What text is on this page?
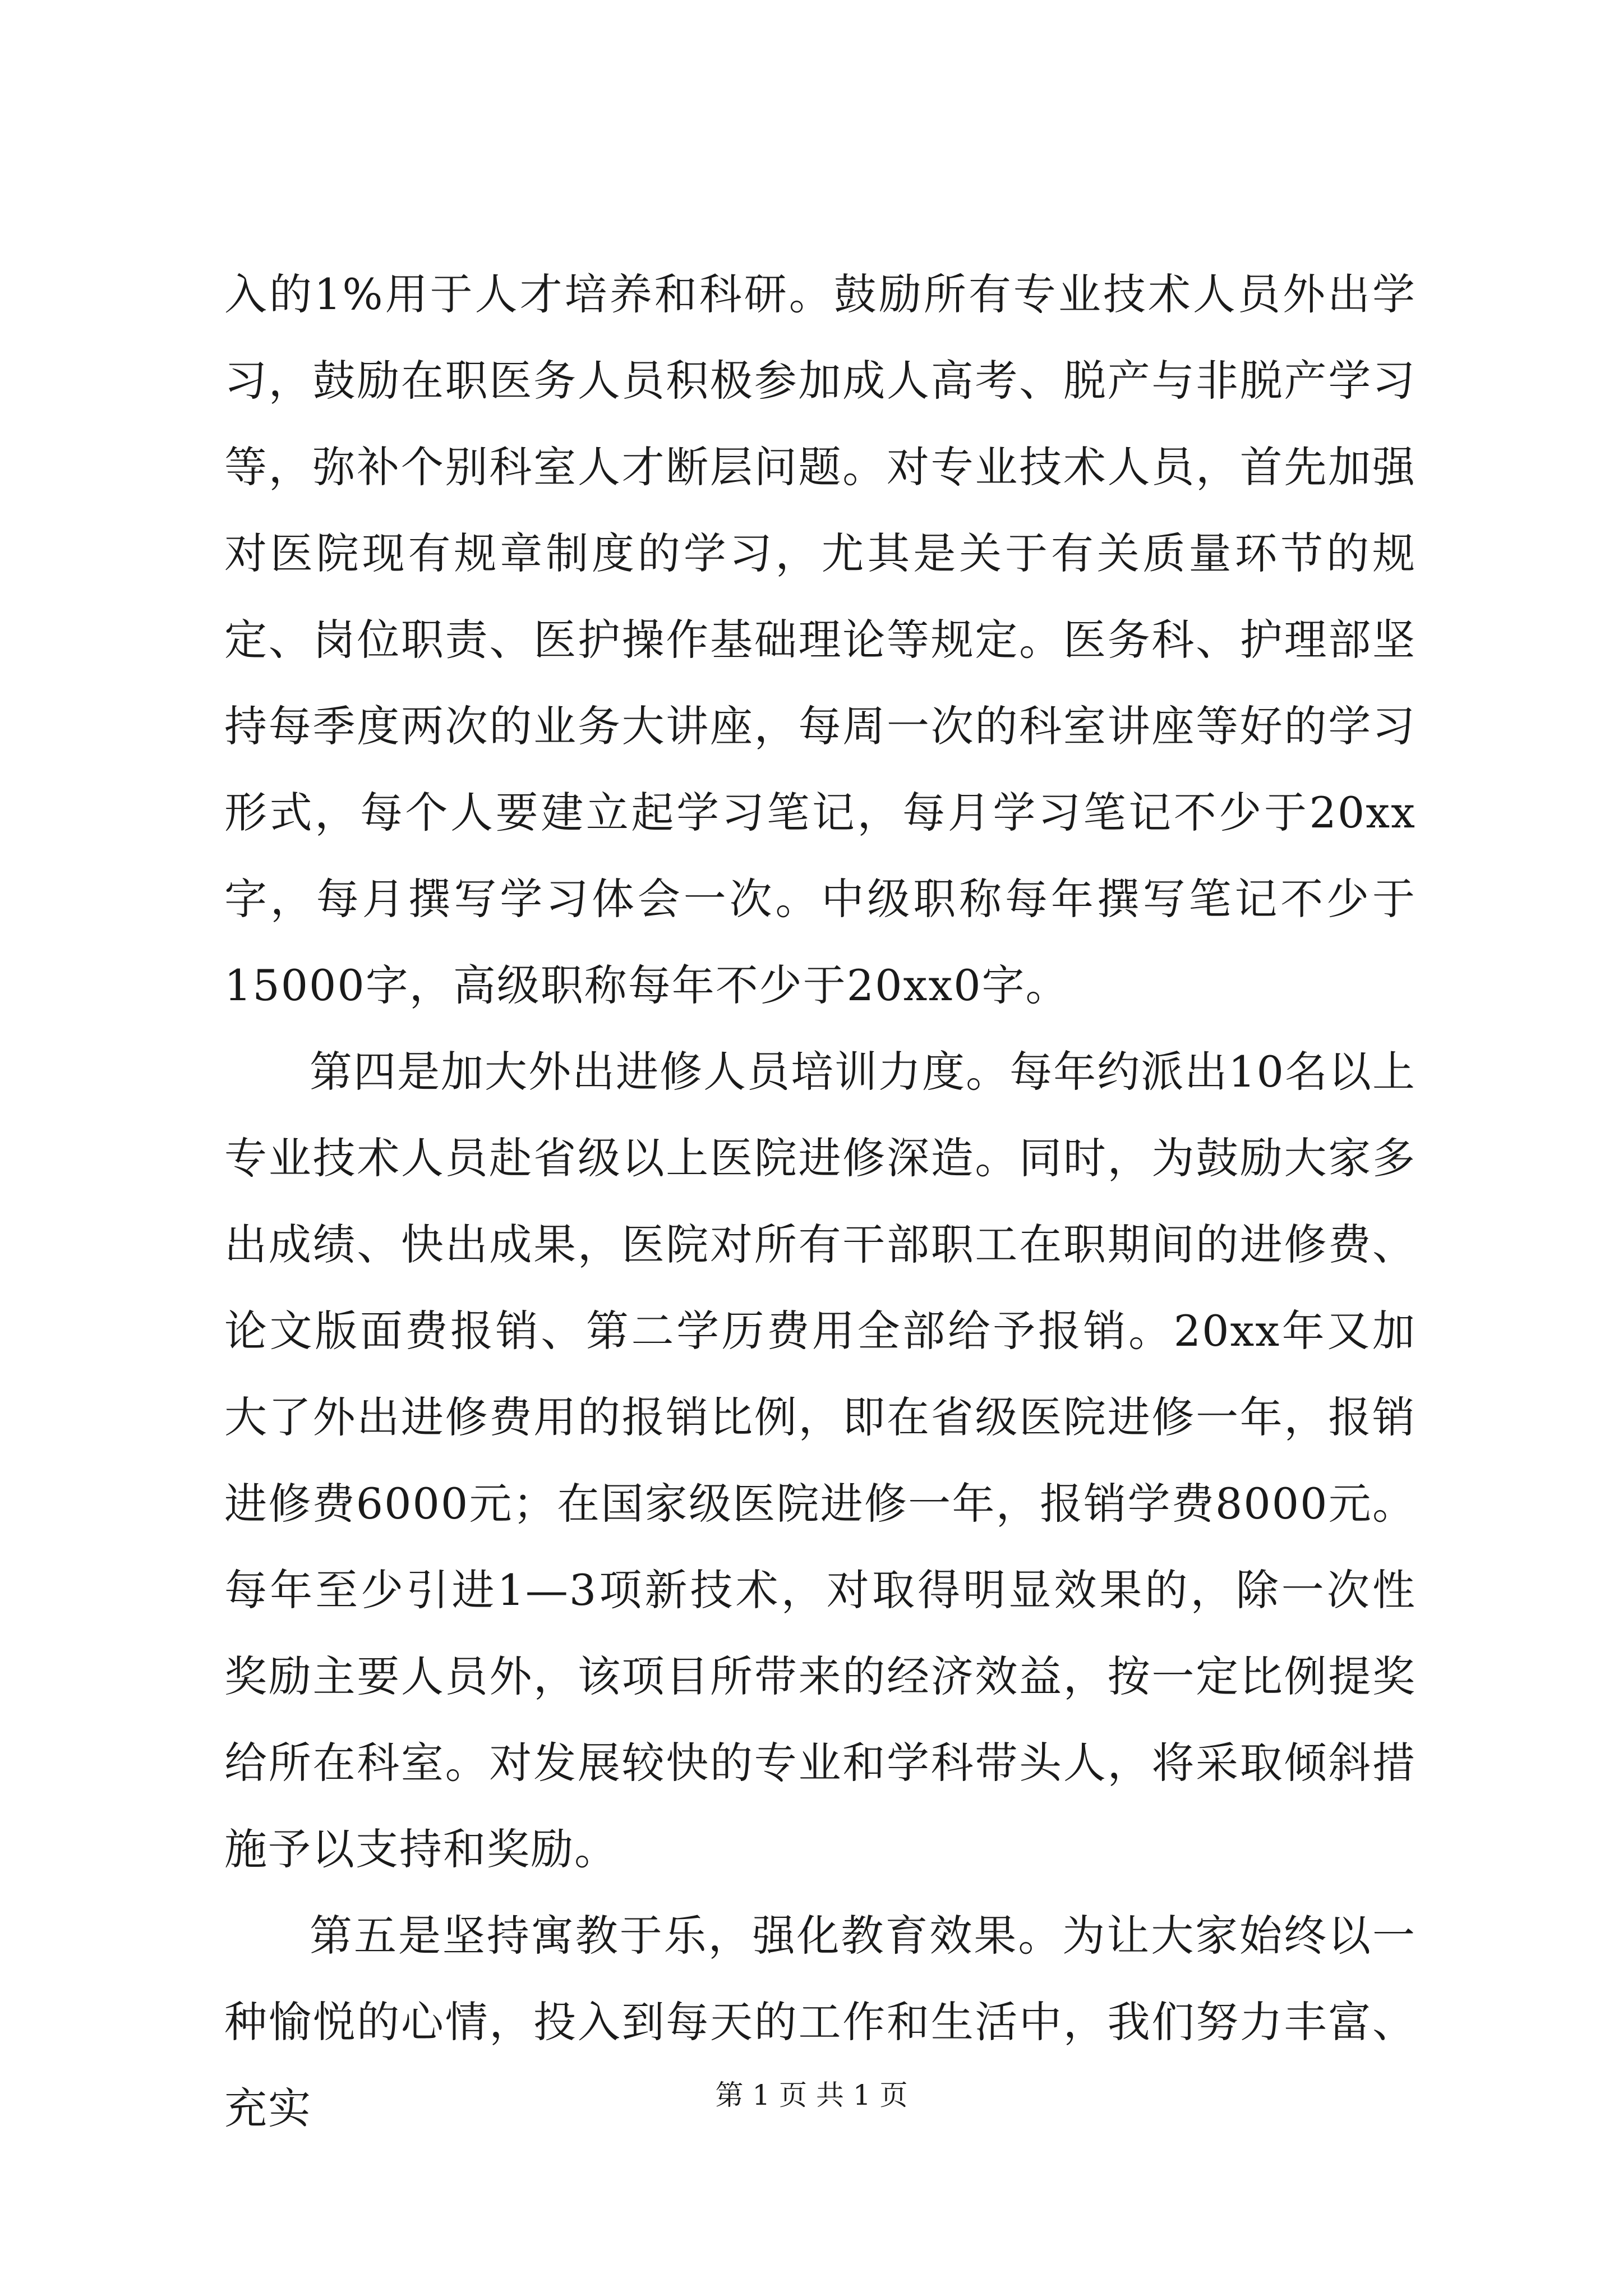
入的1%用于人才培养和科研。鼓励所有专业技术人员外出学习，鼓励在职医务人员积极参加成人高考、脱产与非脱产学习等，弥补个别科室人才断层问题。对专业技术人员，首先加强对医院现有规章制度的学习，尤其是关于有关质量环节的规定、岗位职责、医护操作基础理论等规定。医务科、护理部坚持每季度两次的业务大讲座，每周一次的科室讲座等好的学习形式，每个人要建立起学习笔记，每月学习笔记不少于20xx字，每月撰写学习体会一次。中级职称每年撰写笔记不少于15000字，高级职称每年不少于20xx0字。

第四是加大外出进修人员培训力度。每年约派出10名以上专业技术人员赴省级以上医院进修深造。同时，为鼓励大家多出成绩、快出成果，医院对所有干部职工在职期间的进修费、论文版面费报销、第二学历费用全部给予报销。20xx年又加大了外出进修费用的报销比例，即在省级医院进修一年，报销进修费6000元；在国家级医院进修一年，报销学费8000元。每年至少引进1—3项新技术，对取得明显效果的，除一次性奖励主要人员外，该项目所带来的经济效益，按一定比例提奖给所在科室。对发展较快的专业和学科带头人，将采取倾斜措施予以支持和奖励。

第五是坚持寓教于乐，强化教育效果。为让大家始终以一种愉悦的心情，投入到每天的工作和生活中，我们努力丰富、充实	第 1 页 共 1 页
